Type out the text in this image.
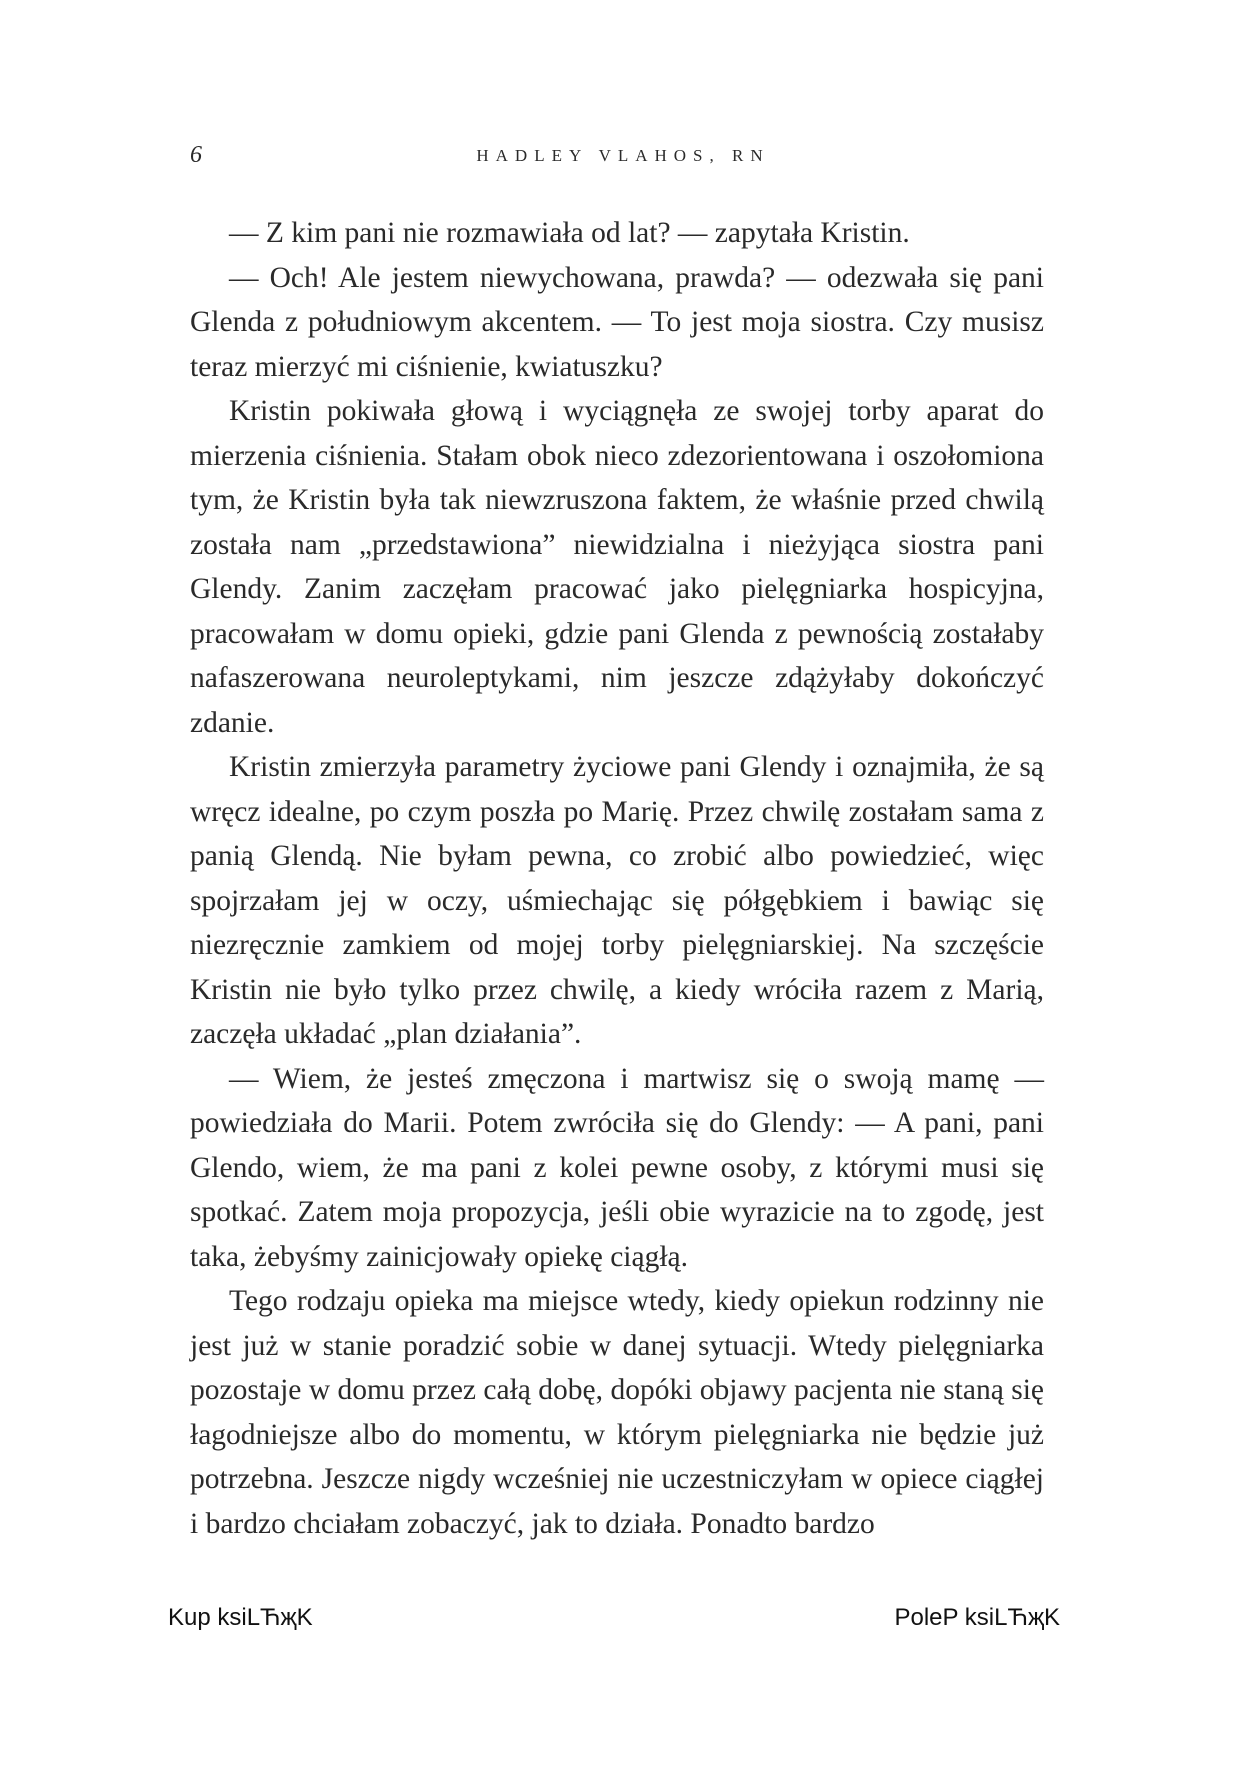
6	HADLEY VLAHOS, RN

— Z kim pani nie rozmawiała od lat? — zapytała Kristin.

— Och! Ale jestem niewychowana, prawda? — odezwała się pani Glenda z południowym akcentem. — To jest moja siostra. Czy musisz teraz mierzyć mi ciśnienie, kwiatuszku?

Kristin pokiwała głową i wyciągnęła ze swojej torby aparat do mierzenia ciśnienia. Stałam obok nieco zdezorientowana i oszołomiona tym, że Kristin była tak niewzruszona faktem, że właśnie przed chwilą została nam „przedstawiona” niewidzialna i nieżyjąca siostra pani Glendy. Zanim zaczęłam pracować jako pielęgniarka hospicyjna, pracowałam w domu opieki, gdzie pani Glenda z pewnością zostałaby nafaszerowana neuroleptykami, nim jeszcze zdążyłaby dokończyć zdanie.

Kristin zmierzyła parametry życiowe pani Glendy i oznajmiła, że są wręcz idealne, po czym poszła po Marię. Przez chwilę zostałam sama z panią Glendą. Nie byłam pewna, co zrobić albo powiedzieć, więc spojrzałam jej w oczy, uśmiechając się półgębkiem i bawiąc się niezręcznie zamkiem od mojej torby pielęgniarskiej. Na szczęście Kristin nie było tylko przez chwilę, a kiedy wróciła razem z Marią, zaczęła układać „plan działania”.

— Wiem, że jesteś zmęczona i martwisz się o swoją mamę — powiedziała do Marii. Potem zwróciła się do Glendy: — A pani, pani Glendo, wiem, że ma pani z kolei pewne osoby, z którymi musi się spotkać. Zatem moja propozycja, jeśli obie wyrazicie na to zgodę, jest taka, żebyśmy zainicjowały opiekę ciągłą.

Tego rodzaju opieka ma miejsce wtedy, kiedy opiekun rodzinny nie jest już w stanie poradzić sobie w danej sytuacji. Wtedy pielęgniarka pozostaje w domu przez całą dobę, dopóki objawy pacjenta nie staną się łagodniejsze albo do momentu, w którym pielęgniarka nie będzie już potrzebna. Jeszcze nigdy wcześniej nie uczestniczyłam w opiece ciągłej i bardzo chciałam zobaczyć, jak to działa. Ponadto bardzo

Kup ksiLЋҗK	PoleP ksiLЋҗK
